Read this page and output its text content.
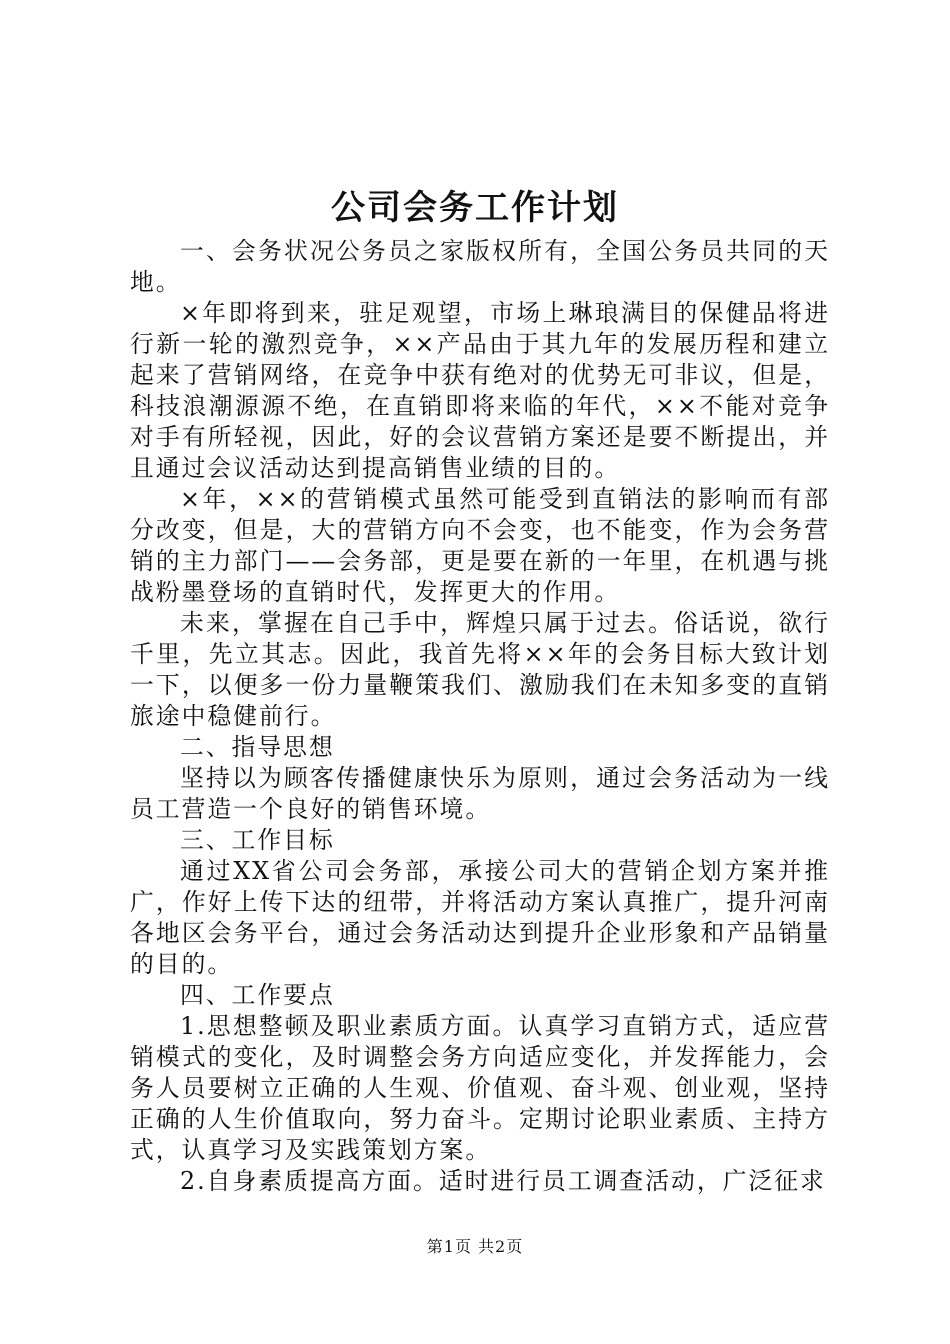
公司会务工作计划

一、会务状况公务员之家版权所有，全国公务员共同的天地。

×年即将到来，驻足观望，市场上琳琅满目的保健品将进行新一轮的激烈竞争，××产品由于其九年的发展历程和建立起来了营销网络，在竞争中获有绝对的优势无可非议，但是，科技浪潮源源不绝，在直销即将来临的年代，××不能对竞争对手有所轻视，因此，好的会议营销方案还是要不断提出，并且通过会议活动达到提高销售业绩的目的。

×年，××的营销模式虽然可能受到直销法的影响而有部分改变，但是，大的营销方向不会变，也不能变，作为会务营销的主力部门——会务部，更是要在新的一年里，在机遇与挑战粉墨登场的直销时代，发挥更大的作用。

未来，掌握在自己手中，辉煌只属于过去。俗话说，欲行千里，先立其志。因此，我首先将××年的会务目标大致计划一下，以便多一份力量鞭策我们、激励我们在未知多变的直销旅途中稳健前行。

二、指导思想

坚持以为顾客传播健康快乐为原则，通过会务活动为一线员工营造一个良好的销售环境。

三、工作目标

通过XX省公司会务部，承接公司大的营销企划方案并推广，作好上传下达的纽带，并将活动方案认真推广，提升河南各地区会务平台，通过会务活动达到提升企业形象和产品销量的目的。

四、工作要点

1.思想整顿及职业素质方面。认真学习直销方式，适应营销模式的变化，及时调整会务方向适应变化，并发挥能力，会务人员要树立正确的人生观、价值观、奋斗观、创业观，坚持正确的人生价值取向，努力奋斗。定期讨论职业素质、主持方式，认真学习及实践策划方案。

2.自身素质提高方面。适时进行员工调查活动，广泛征求

第1页 共2页
